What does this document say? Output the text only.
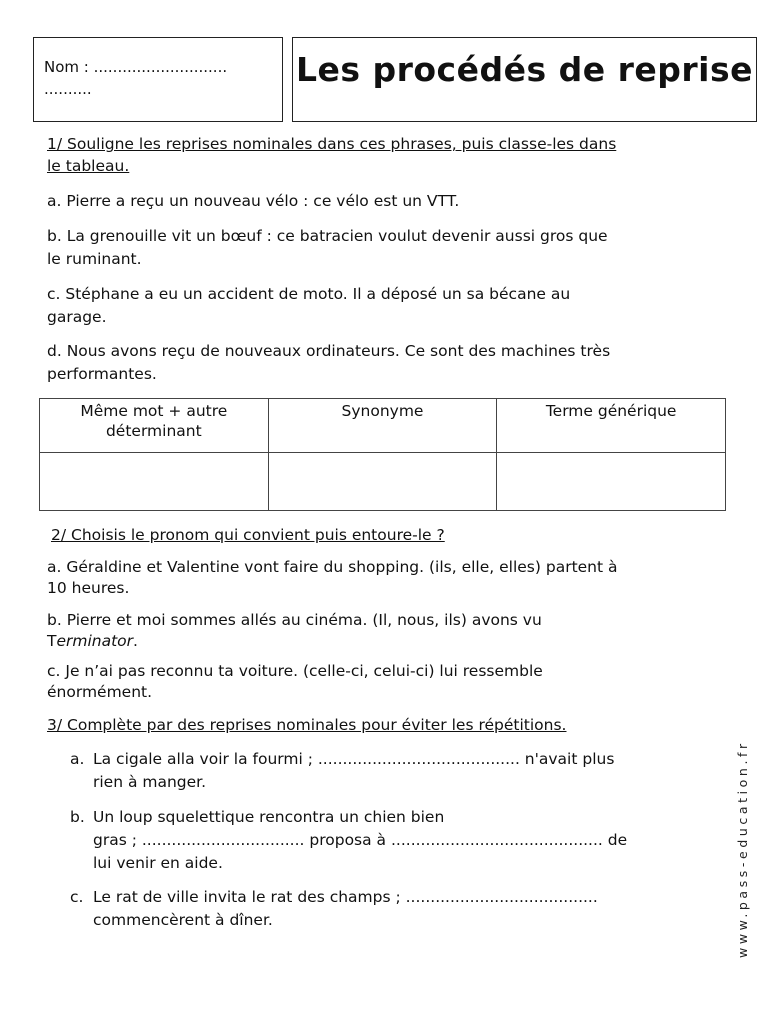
Nom : ............................
..........	Les procédés de reprise
1/ Souligne les reprises nominales dans ces phrases, puis classe-les dans
le tableau.
a. Pierre a reçu un nouveau vélo : ce vélo est un VTT.
b. La grenouille vit un bœuf : ce batracien voulut devenir aussi gros que
le ruminant.
c. Stéphane a eu un accident de moto. Il a déposé un sa bécane au
garage.
d. Nous avons reçu de nouveaux ordinateurs. Ce sont des machines très
performantes.
Même mot + autre
déterminant	Synonyme	Terme générique

2/ Choisis le pronom qui convient puis entoure-le ?
a. Géraldine et Valentine vont faire du shopping. (ils, elle, elles) partent à
10 heures.
b. Pierre et moi sommes allés au cinéma. (Il, nous, ils) avons vu
Terminator.
c. Je n’ai pas reconnu ta voiture. (celle-ci, celui-ci) lui ressemble
énormément.
3/ Complète par des reprises nominales pour éviter les répétitions.
a. La cigale alla voir la fourmi ; ......................................... n'avait plus
rien à manger.
b. Un loup squelettique rencontra un chien bien
gras ; ................................. proposa à ........................................... de
lui venir en aide.
c. Le rat de ville invita le rat des champs ; .......................................
commencèrent à dîner.	www.pass-education.fr
